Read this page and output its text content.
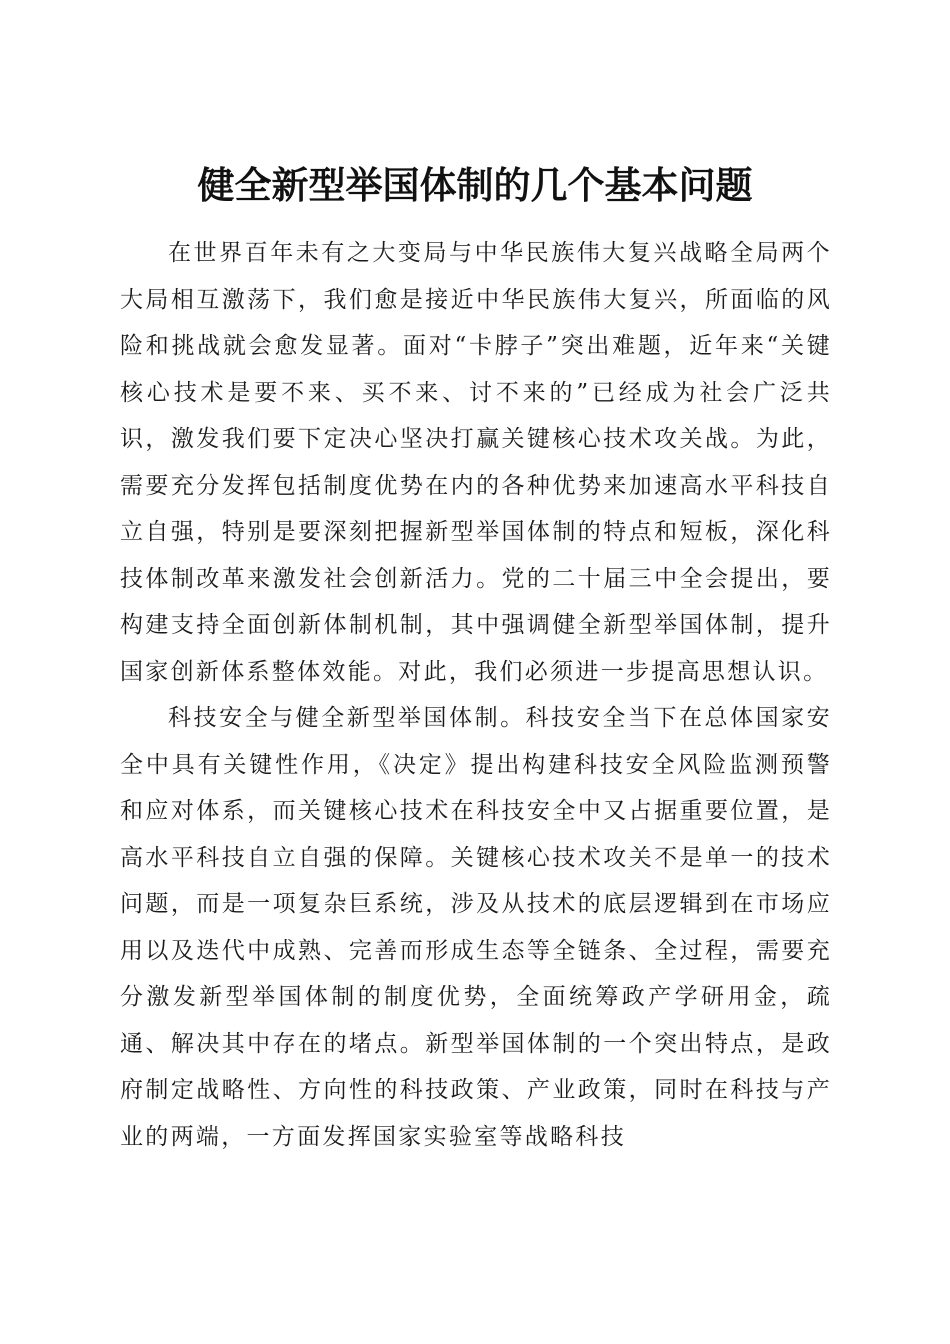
健全新型举国体制的几个基本问题

在世界百年未有之大变局与中华民族伟大复兴战略全局两个大局相互激荡下，我们愈是接近中华民族伟大复兴，所面临的风险和挑战就会愈发显著。面对“卡脖子”突出难题，近年来“关键核心技术是要不来、买不来、讨不来的”已经成为社会广泛共识，激发我们要下定决心坚决打赢关键核心技术攻关战。为此，需要充分发挥包括制度优势在内的各种优势来加速高水平科技自立自强，特别是要深刻把握新型举国体制的特点和短板，深化科技体制改革来激发社会创新活力。党的二十届三中全会提出，要构建支持全面创新体制机制，其中强调健全新型举国体制，提升国家创新体系整体效能。对此，我们必须进一步提高思想认识。

科技安全与健全新型举国体制。科技安全当下在总体国家安全中具有关键性作用，《决定》提出构建科技安全风险监测预警和应对体系，而关键核心技术在科技安全中又占据重要位置，是高水平科技自立自强的保障。关键核心技术攻关不是单一的技术问题，而是一项复杂巨系统，涉及从技术的底层逻辑到在市场应用以及迭代中成熟、完善而形成生态等全链条、全过程，需要充分激发新型举国体制的制度优势，全面统筹政产学研用金，疏通、解决其中存在的堵点。新型举国体制的一个突出特点，是政府制定战略性、方向性的科技政策、产业政策，同时在科技与产业的两端，一方面发挥国家实验室等战略科技
